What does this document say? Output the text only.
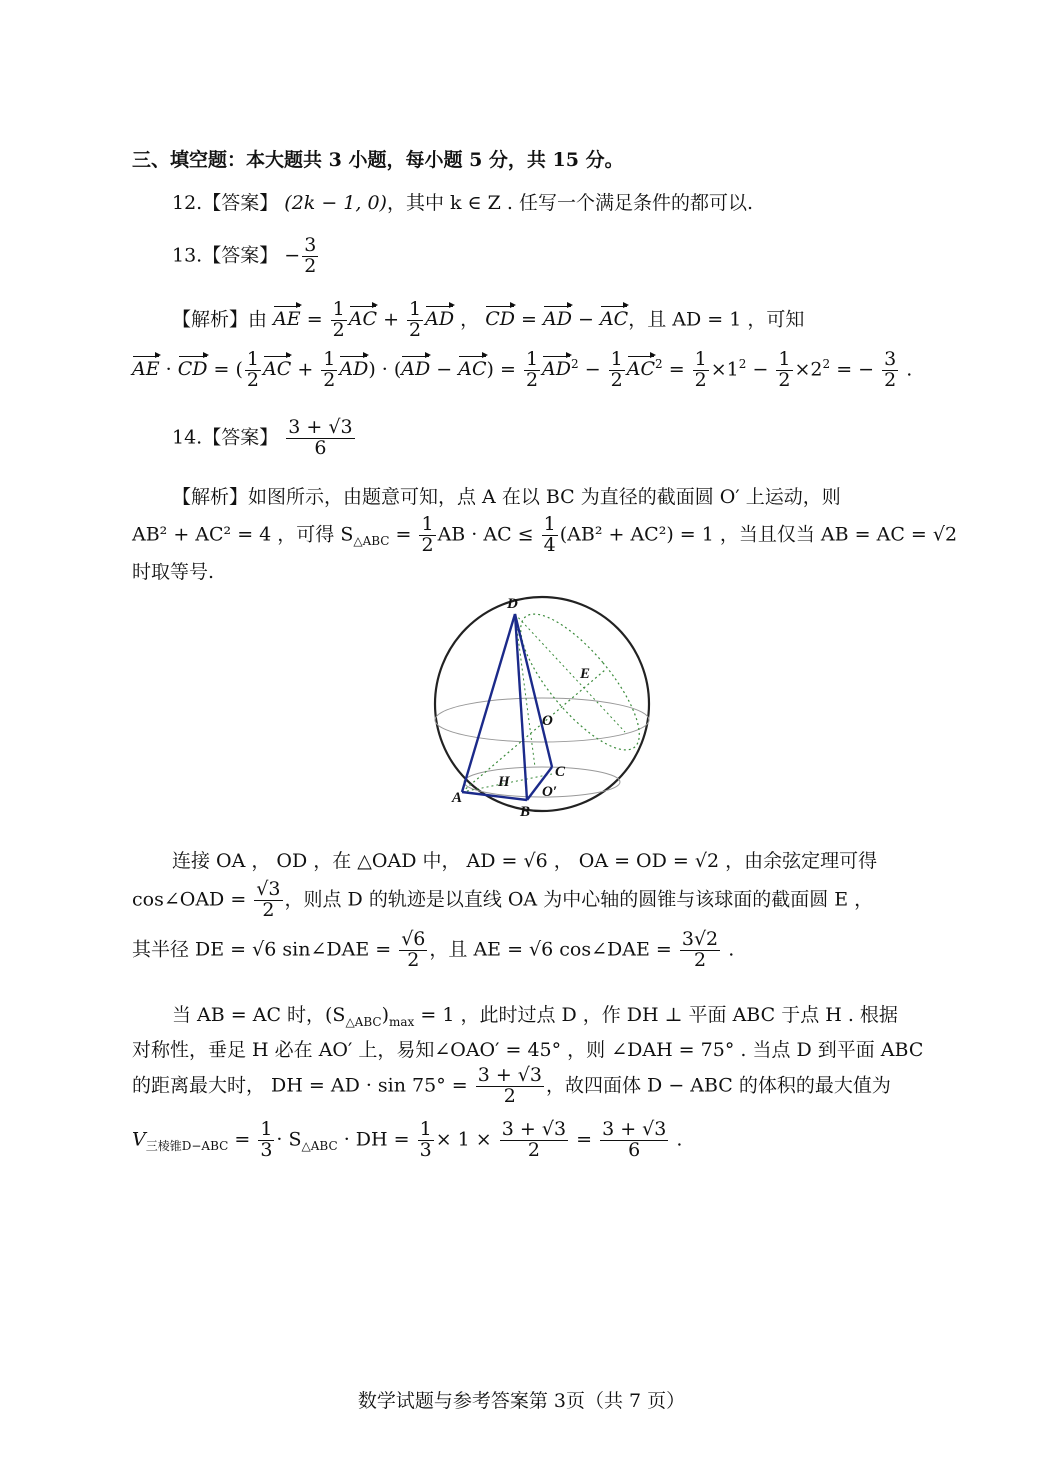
三、填空题：本大题共 3 小题，每小题 5 分，共 15 分。
12.【答案】 (2k − 1, 0)，其中 k ∈ Z . 任写一个满足条件的都可以.
13.【答案】 − $\frac{3}{2}$
【解析】由 AE = $\frac{1}{2}$ AC + $\frac{1}{2}$ AD ， CD = AD − AC，且 AD = 1 ，可知
AE · CD = ( $\frac{1}{2}$ AC + $\frac{1}{2} AD) \cdot (AD - AC) = \frac{1}{2} AD^2 - \frac{1}{2} AC^2 = \frac{1}{2} \times 1^2 - \frac{1}{2} \times 2^2$ = − $\frac{3}{2}$ .
14.【答案】 $\frac{3 + √3}{6}$
【解析】如图所示，由题意可知，点 A 在以 BC 为直径的截面圆 O′ 上运动，则
AB² + AC² = 4 ，可得 $S_{\triangle ABC} = \frac{1}{2}$ AB · AC ≤ $\frac{1}{4} (AB^2 + AC^2) = 1$ ，当且仅当 AB = AC = √2
时取等号.
D
E
O
H
C
A	O′
B
连接 OA ， OD ，在 △OAD 中， AD = √6 ， OA = OD = √2 ，由余弦定理可得
cos∠OAD = $\frac{√3}{2}$ ，则点 D 的轨迹是以直线 OA 为中心轴的圆锥与该球面的截面圆 E ，
其半径 DE = √6 sin∠DAE = $\frac{√6}{2}$ ，且 AE = √6 cos∠DAE = $\frac{3√2}{2}$ .
当 AB = AC 时，$(S_{\triangle ABC})_{max} = 1$ ，此时过点 D ，作 DH ⊥ 平面 ABC 于点 H . 根据
对称性，垂足 H 必在 AO′ 上，易知∠OAO′ = 45° ，则 ∠DAH = 75° . 当点 D 到平面 ABC
的距离最大时， DH = AD · $\sin 75^\circ = \frac{3 + √3}{2}$ ，故四面体 D − ABC 的体积的最大值为
$V_{三棱锥D-ABC} = \frac{1}{3} \cdot S_{\triangle ABC}$ · DH = $\frac{1}{3} \times 1 \times \frac{3 + √3}{2} = \frac{3 + √3}{6}$ .
数学试题与参考答案第 3页（共 7 页）
